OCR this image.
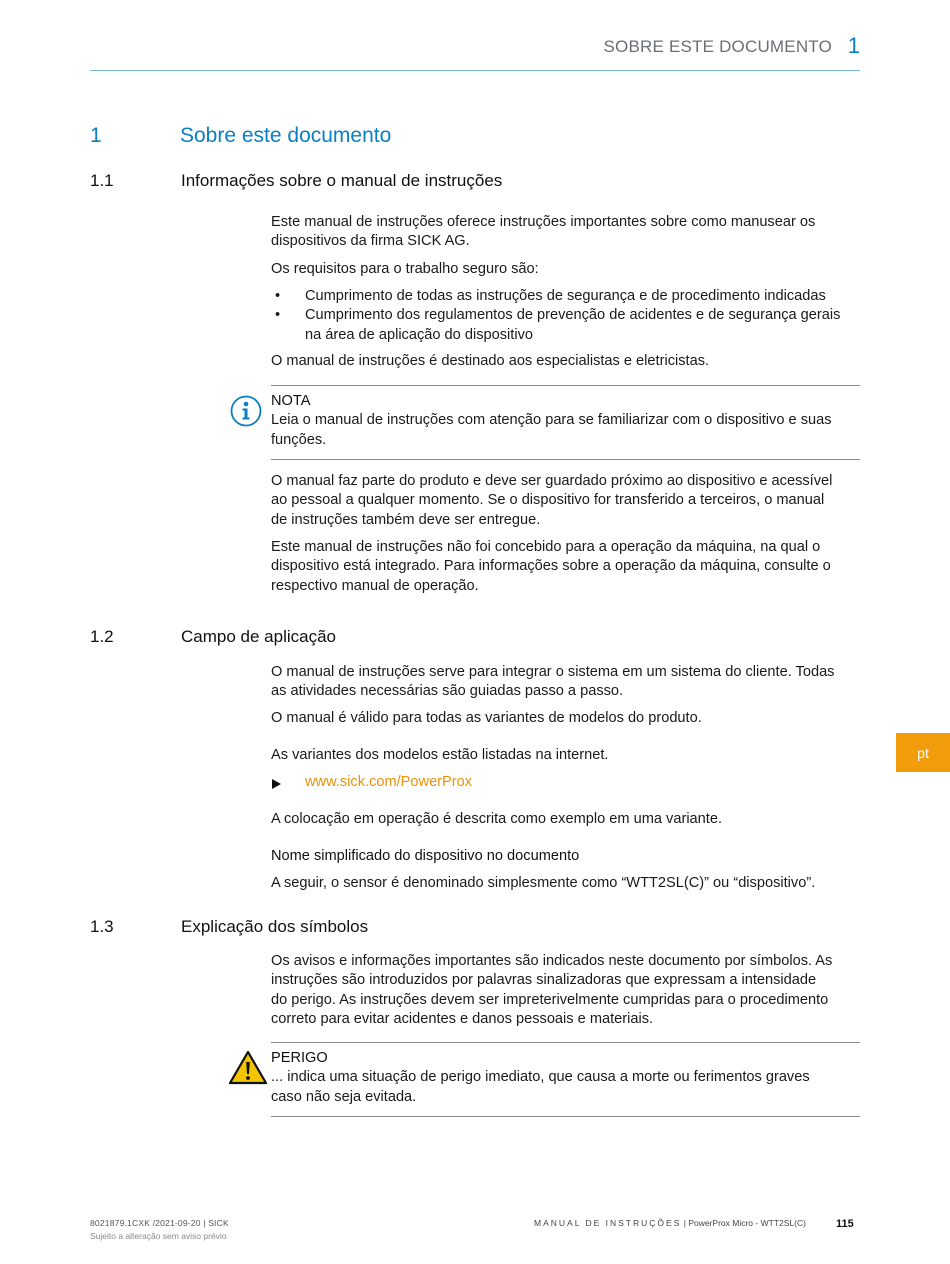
SOBRE ESTE DOCUMENTO 1
1	Sobre este documento
1.1	Informações sobre o manual de instruções
Este manual de instruções oferece instruções importantes sobre como manusear os
dispositivos da firma SICK AG.
Os requisitos para o trabalho seguro são:
• Cumprimento de todas as instruções de segurança e de procedimento indicadas
• Cumprimento dos regulamentos de prevenção de acidentes e de segurança gerais
na área de aplicação do dispositivo
O manual de instruções é destinado aos especialistas e eletricistas.
NOTA
Leia o manual de instruções com atenção para se familiarizar com o dispositivo e suas
funções.
O manual faz parte do produto e deve ser guardado próximo ao dispositivo e acessível
ao pessoal a qualquer momento. Se o dispositivo for transferido a terceiros, o manual
de instruções também deve ser entregue.
Este manual de instruções não foi concebido para a operação da máquina, na qual o
dispositivo está integrado. Para informações sobre a operação da máquina, consulte o
respectivo manual de operação.
1.2	Campo de aplicação
O manual de instruções serve para integrar o sistema em um sistema do cliente. Todas
as atividades necessárias são guiadas passo a passo.
O manual é válido para todas as variantes de modelos do produto.
As variantes dos modelos estão listadas na internet.
www.sick.com/PowerProx
A colocação em operação é descrita como exemplo em uma variante.
Nome simplificado do dispositivo no documento
A seguir, o sensor é denominado simplesmente como “WTT2SL(C)” ou “dispositivo”.
pt
1.3	Explicação dos símbolos
Os avisos e informações importantes são indicados neste documento por símbolos. As
instruções são introduzidos por palavras sinalizadoras que expressam a intensidade
do perigo. As instruções devem ser impreterivelmente cumpridas para o procedimento
correto para evitar acidentes e danos pessoais e materiais.
PERIGO
... indica uma situação de perigo imediato, que causa a morte ou ferimentos graves
caso não seja evitada.
8021879.1CXK /2021-09-20 | SICK
Sujeito a alteração sem aviso prévio
MANUAL DE INSTRUÇÕES | PowerProx Micro - WTT2SL(C)	115
